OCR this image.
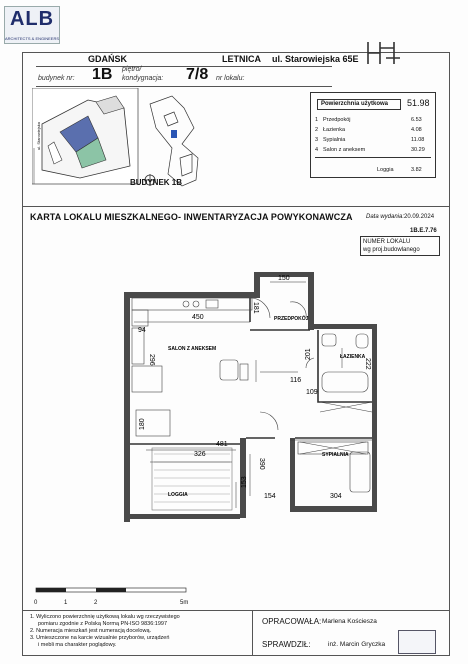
ALB
ARCHITECTS & ENGINEERS
GDAŃSK	LETNICA ul. Starowiejska 65E
budynek nr: 1B piętro/
kondygnacja: 7/8 nr lokalu:
BUDYNEK 1B
ul. Starowiejska
Powierzchnia użytkowa	51.98
1 Przedpokój	6.53
2 Łazienka	4.08
3 Sypialnia	11.08
4 Salon z aneksem	30.29
Loggia	3.82
KARTA LOKALU MIESZKALNEGO- INWENTARYZACJA POWYKONAWCZA Data wydania: 20.09.2024
1B.E.7.76
NUMER LOKALU
wg proj.budowlanego
SALON Z ANEKSEM
PRZEDPOKÓJ
ŁAZIENKA
SYPIALNIA
LOGGIA
450
150
181
94
296	201
116
222
109
180
481
326
390
153
154	304
0	1	2	5m
1. Wyliczono powierzchnię użytkową lokalu wg rzeczywistego
pomiaru zgodnie z Polską Normą PN-ISO 9836:1997
2. Numeracja mieszkań jest numeracją docelową.
3. Umieszczone na karcie wizualnie przyborów, urządzeń
i mebli ma charakter poglądowy.
OPRACOWAŁA: Marlena Kościesza
SPRAWDZIŁ:	inż. Marcin Gryczka
